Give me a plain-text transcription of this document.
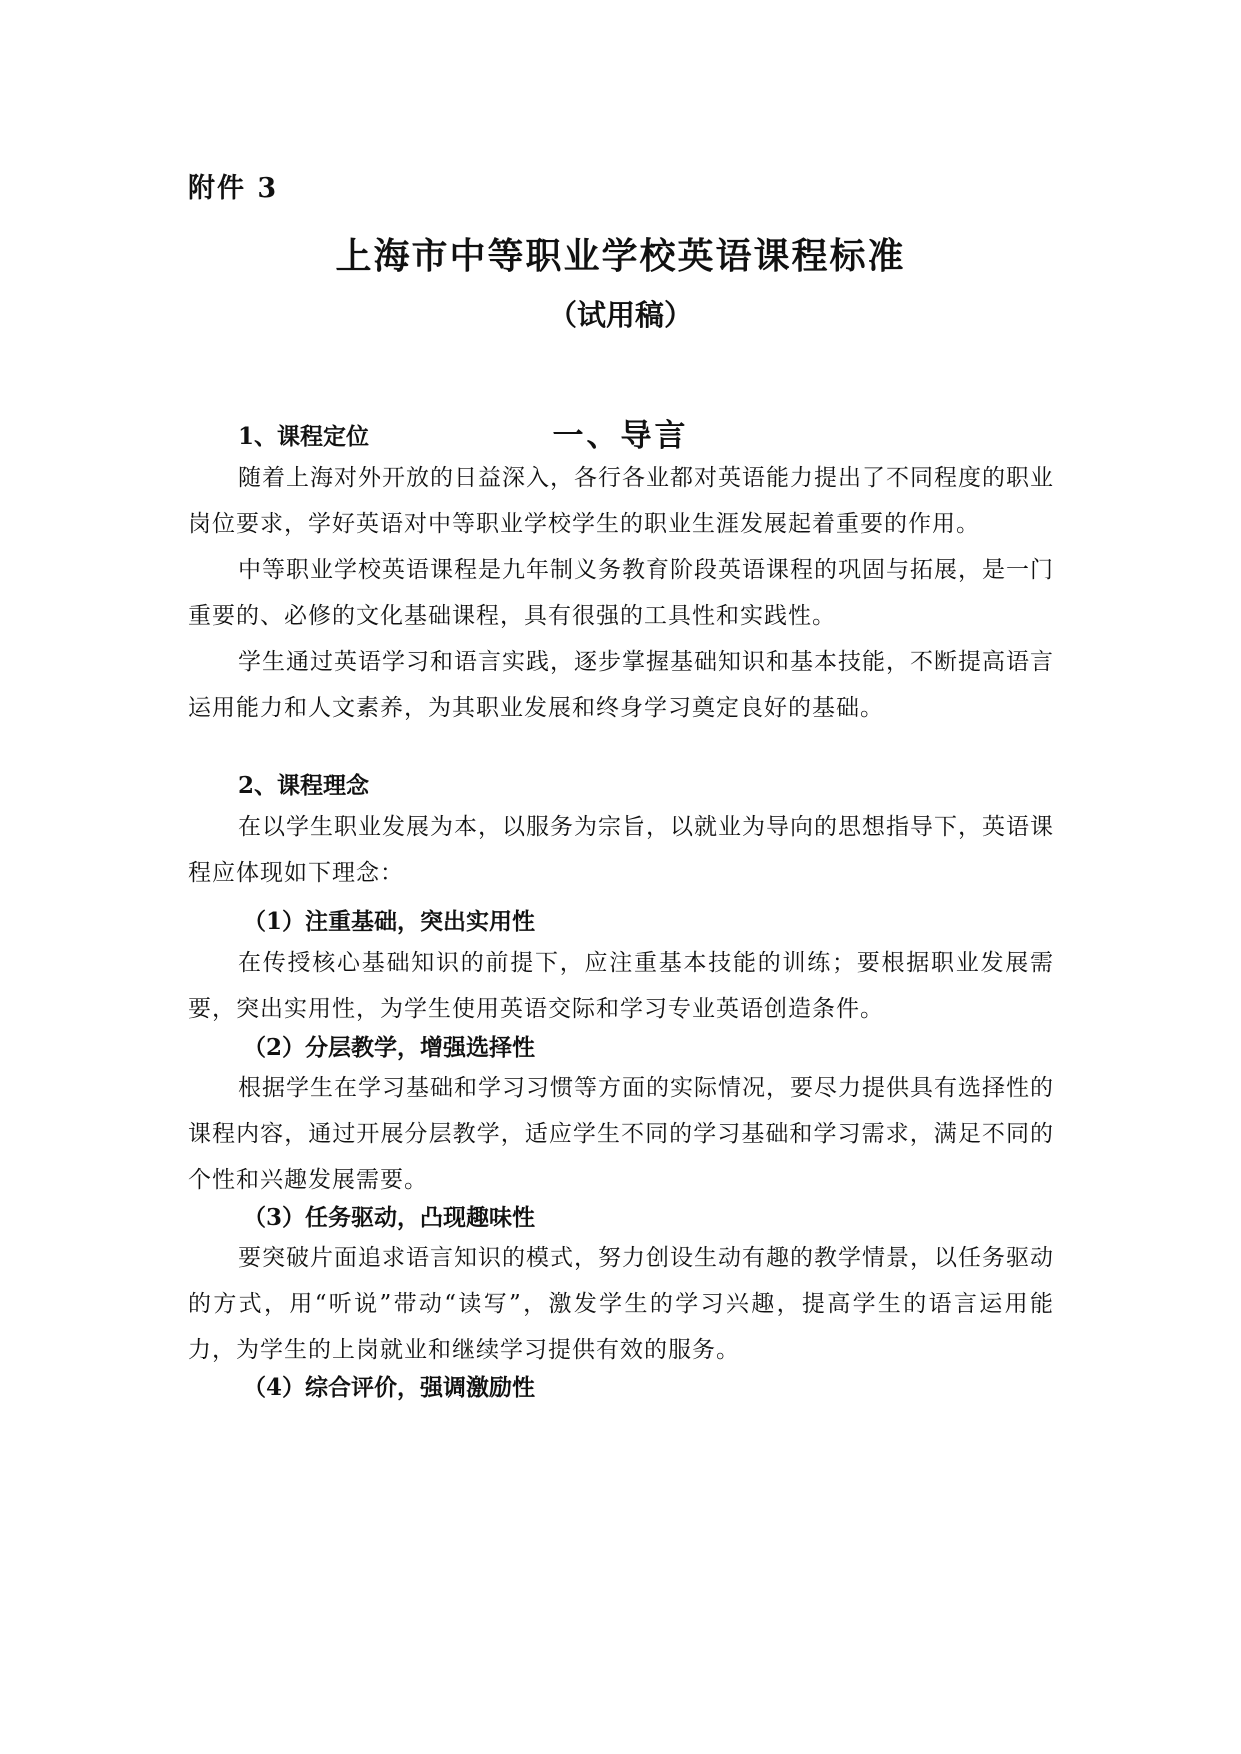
附件 3
上海市中等职业学校英语课程标准
（试用稿）
一、导言
1、课程定位
随着上海对外开放的日益深入，各行各业都对英语能力提出了不同程度的职业岗位要求，学好英语对中等职业学校学生的职业生涯发展起着重要的作用。
中等职业学校英语课程是九年制义务教育阶段英语课程的巩固与拓展，是一门重要的、必修的文化基础课程，具有很强的工具性和实践性。
学生通过英语学习和语言实践，逐步掌握基础知识和基本技能，不断提高语言运用能力和人文素养，为其职业发展和终身学习奠定良好的基础。
2、课程理念
在以学生职业发展为本，以服务为宗旨，以就业为导向的思想指导下，英语课程应体现如下理念：
（1）注重基础，突出实用性
在传授核心基础知识的前提下，应注重基本技能的训练；要根据职业发展需要，突出实用性，为学生使用英语交际和学习专业英语创造条件。
（2）分层教学，增强选择性
根据学生在学习基础和学习习惯等方面的实际情况，要尽力提供具有选择性的课程内容，通过开展分层教学，适应学生不同的学习基础和学习需求，满足不同的个性和兴趣发展需要。
（3）任务驱动，凸现趣味性
要突破片面追求语言知识的模式，努力创设生动有趣的教学情景，以任务驱动的方式，用“听说”带动“读写”，激发学生的学习兴趣，提高学生的语言运用能力，为学生的上岗就业和继续学习提供有效的服务。
（4）综合评价，强调激励性
